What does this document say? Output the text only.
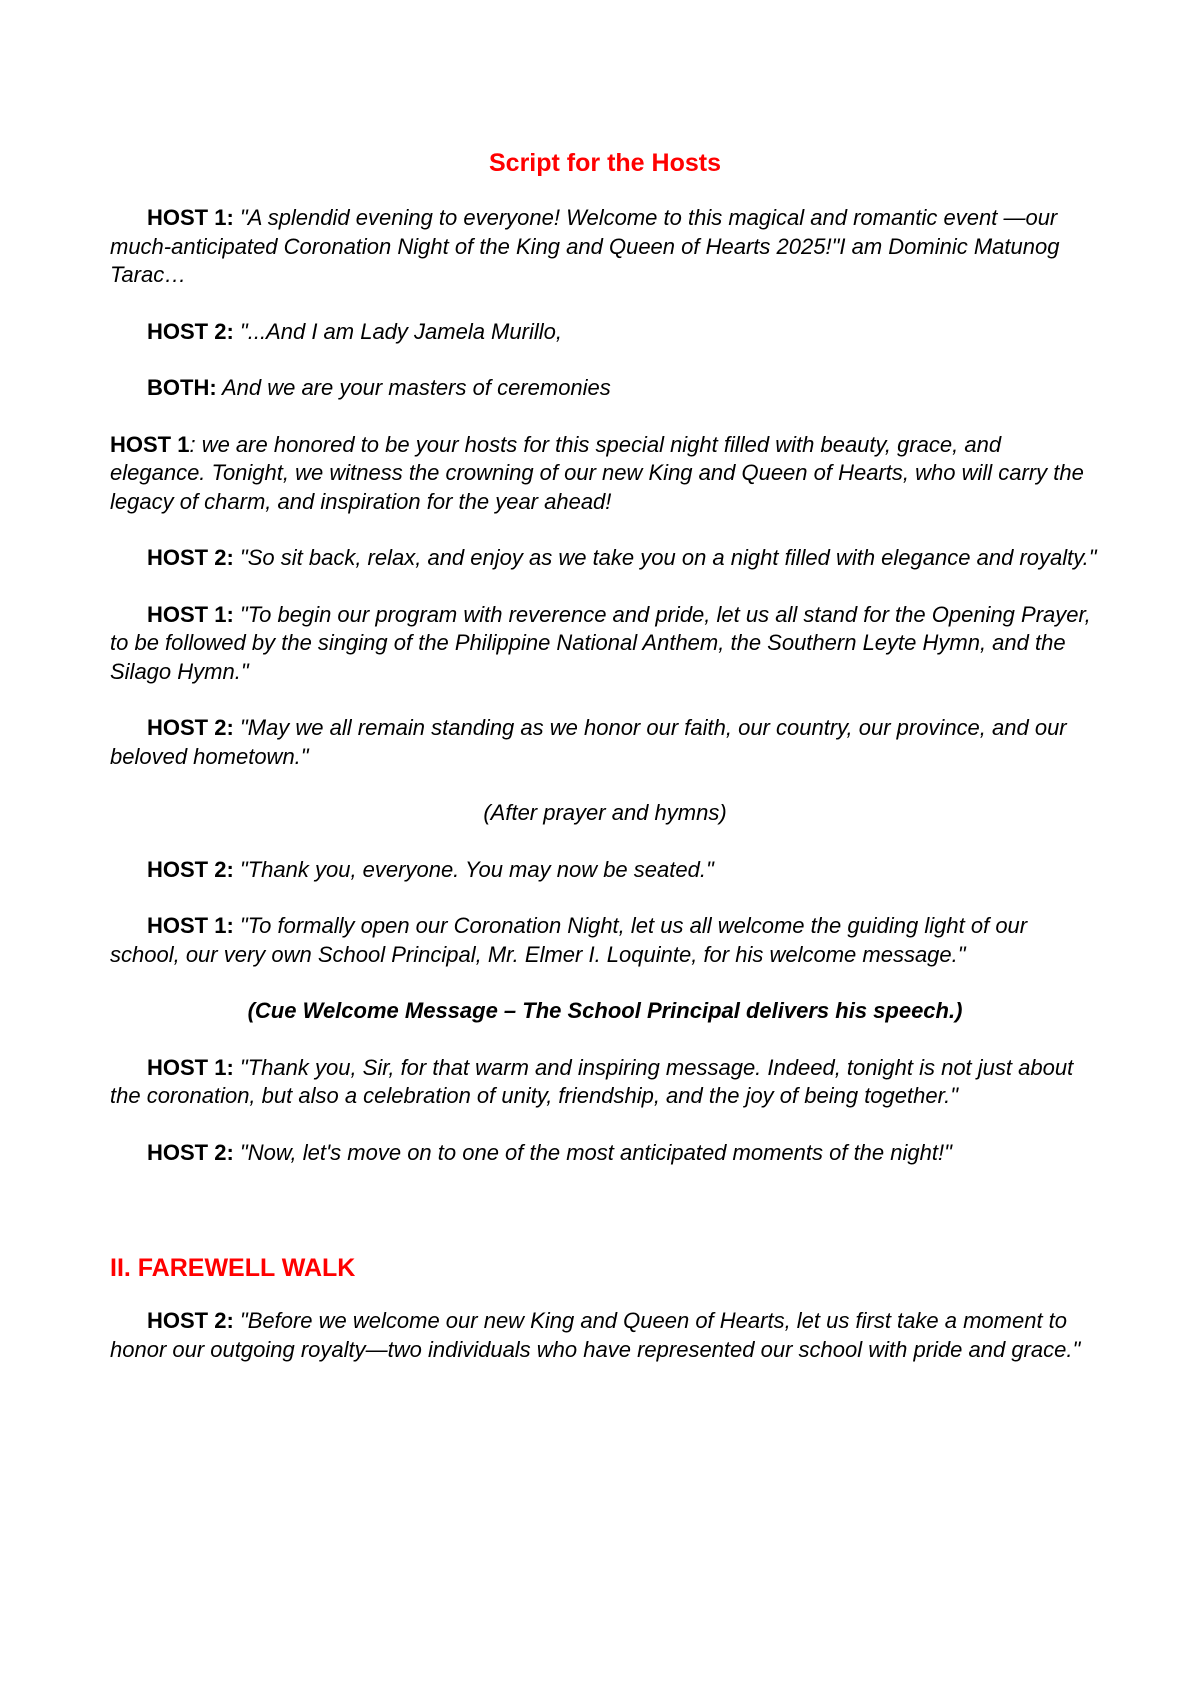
Script for the Hosts

HOST 1: "A splendid evening to everyone! Welcome to this magical and romantic event —our much-anticipated Coronation Night of the King and Queen of Hearts 2025!"I am Dominic Matunog Tarac…

HOST 2: "...And I am Lady Jamela Murillo,

BOTH: And we are your masters of ceremonies

HOST 1: we are honored to be your hosts for this special night filled with beauty, grace, and elegance. Tonight, we witness the crowning of our new King and Queen of Hearts, who will carry the legacy of charm, and inspiration for the year ahead!

HOST 2: "So sit back, relax, and enjoy as we take you on a night filled with elegance and royalty."

HOST 1: "To begin our program with reverence and pride, let us all stand for the Opening Prayer, to be followed by the singing of the Philippine National Anthem, the Southern Leyte Hymn, and the Silago Hymn."

HOST 2: "May we all remain standing as we honor our faith, our country, our province, and our beloved hometown."

(After prayer and hymns)

HOST 2: "Thank you, everyone. You may now be seated."

HOST 1: "To formally open our Coronation Night, let us all welcome the guiding light of our school, our very own School Principal, Mr. Elmer I. Loquinte, for his welcome message."

(Cue Welcome Message – The School Principal delivers his speech.)

HOST 1: "Thank you, Sir, for that warm and inspiring message. Indeed, tonight is not just about the coronation, but also a celebration of unity, friendship, and the joy of being together."

HOST 2: "Now, let's move on to one of the most anticipated moments of the night!"

II. FAREWELL WALK

HOST 2: "Before we welcome our new King and Queen of Hearts, let us first take a moment to honor our outgoing royalty—two individuals who have represented our school with pride and grace."
